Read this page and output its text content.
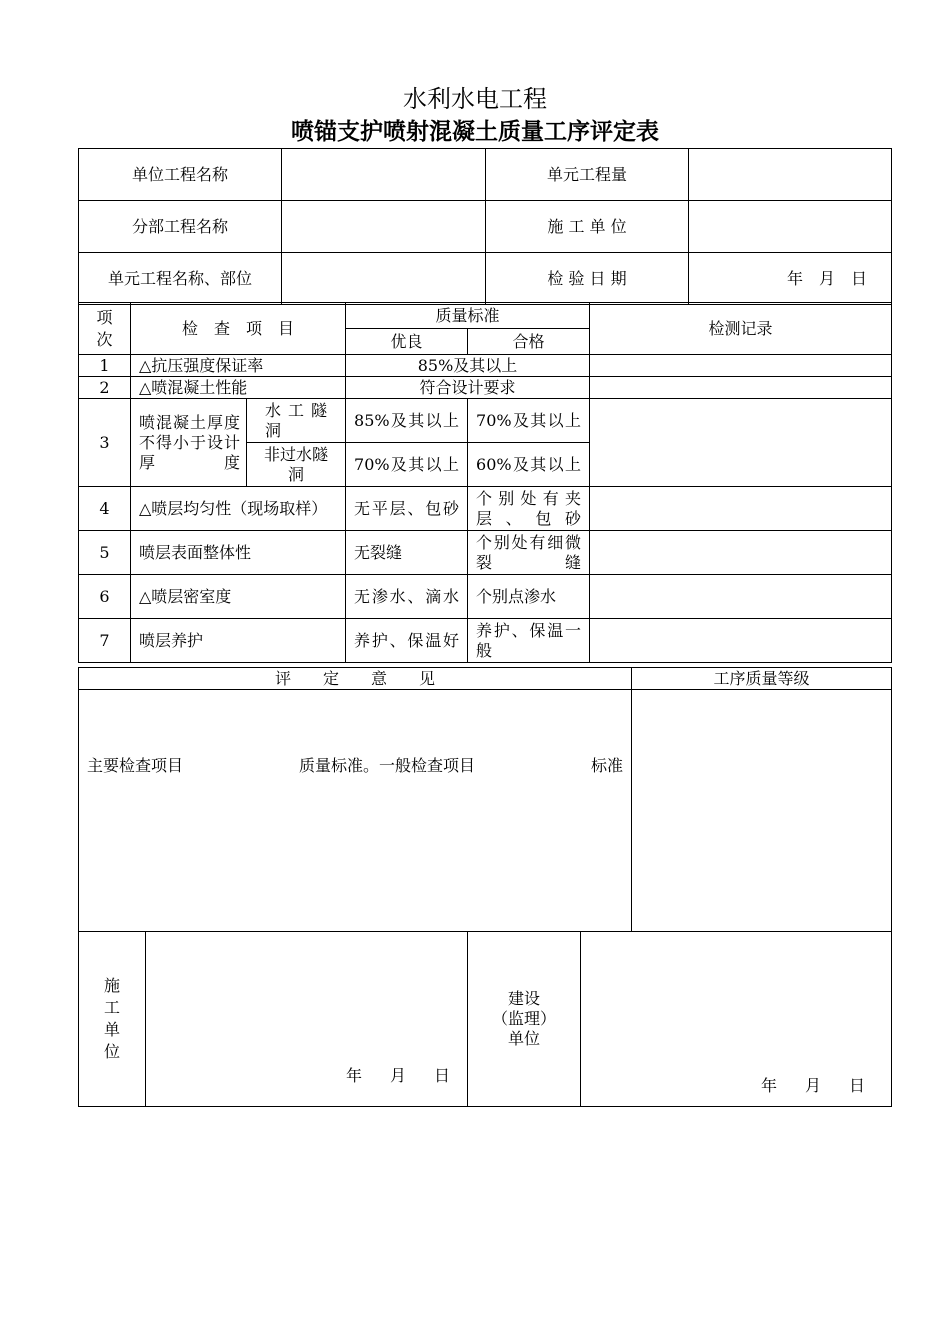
水利水电工程
喷锚支护喷射混凝土质量工序评定表
单位工程名称		单元工程量	
分部工程名称		施 工 单 位	
单元工程名称、部位		检 验 日 期	年　月　日
项次	检　查　项　目		质量标准		检测记录
			优良	合格	
1	△抗压强度保证率		85%及其以上		
2	△喷混凝土性能		符合设计要求		
3	喷混凝土厚度不得小于设计厚度	水工隧洞	85%及其以上	70%及其以上	
		非过水隧洞	70%及其以上	60%及其以上	
4	△喷层均匀性（现场取样）		无平层、包砂	个别处有夹层、包砂	
5	喷层表面整体性		无裂缝	个别处有细微裂缝	
6	△喷层密室度		无渗水、滴水	个别点渗水	
7	喷层养护		养护、保温好	养护、保温一般	
评　　定　　意　　见	工序质量等级

主要检查项目 质量标准。一般检查项目 标准	

施工单位

年　月　日

建设
（监理）
单位

年　月　日
